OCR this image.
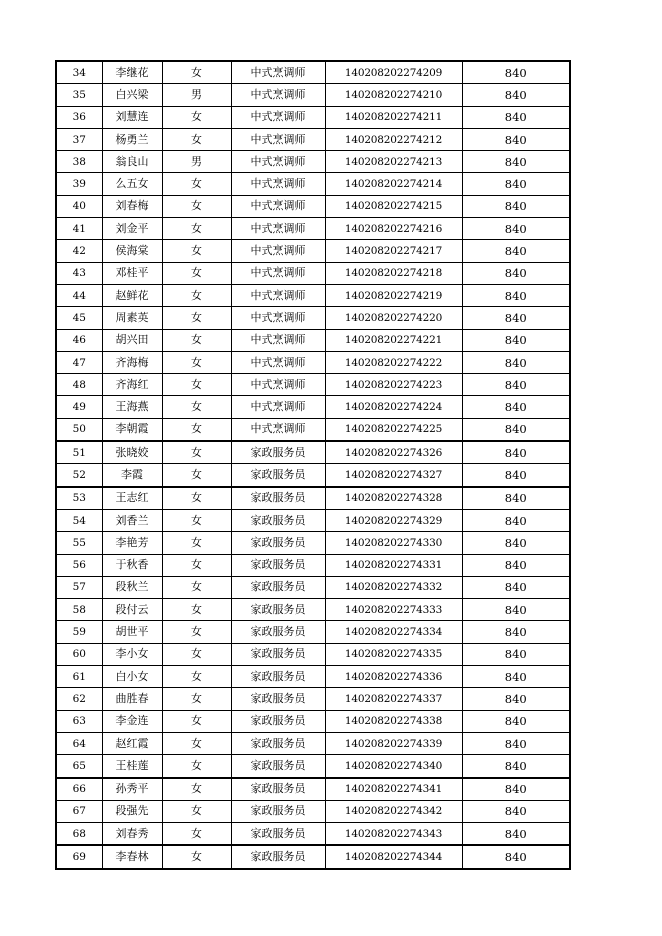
34	李继花	女	中式烹调师	140208202274209	840
35	白兴梁	男	中式烹调师	140208202274210	840
36	刘慧连	女	中式烹调师	140208202274211	840
37	杨勇兰	女	中式烹调师	140208202274212	840
38	翁良山	男	中式烹调师	140208202274213	840
39	么五女	女	中式烹调师	140208202274214	840
40	刘春梅	女	中式烹调师	140208202274215	840
41	刘金平	女	中式烹调师	140208202274216	840
42	侯海棠	女	中式烹调师	140208202274217	840
43	邓桂平	女	中式烹调师	140208202274218	840
44	赵鲜花	女	中式烹调师	140208202274219	840
45	周素英	女	中式烹调师	140208202274220	840
46	胡兴田	女	中式烹调师	140208202274221	840
47	齐海梅	女	中式烹调师	140208202274222	840
48	齐海红	女	中式烹调师	140208202274223	840
49	王海燕	女	中式烹调师	140208202274224	840
50	李朝霞	女	中式烹调师	140208202274225	840
51	张晓姣	女	家政服务员	140208202274326	840
52	李霞	女	家政服务员	140208202274327	840
53	王志红	女	家政服务员	140208202274328	840
54	刘香兰	女	家政服务员	140208202274329	840
55	李艳芳	女	家政服务员	140208202274330	840
56	于秋香	女	家政服务员	140208202274331	840
57	段秋兰	女	家政服务员	140208202274332	840
58	段付云	女	家政服务员	140208202274333	840
59	胡世平	女	家政服务员	140208202274334	840
60	李小女	女	家政服务员	140208202274335	840
61	白小女	女	家政服务员	140208202274336	840
62	曲胜春	女	家政服务员	140208202274337	840
63	李金连	女	家政服务员	140208202274338	840
64	赵红霞	女	家政服务员	140208202274339	840
65	王桂莲	女	家政服务员	140208202274340	840
66	孙秀平	女	家政服务员	140208202274341	840
67	段强先	女	家政服务员	140208202274342	840
68	刘春秀	女	家政服务员	140208202274343	840
69	李春林	女	家政服务员	140208202274344	840
